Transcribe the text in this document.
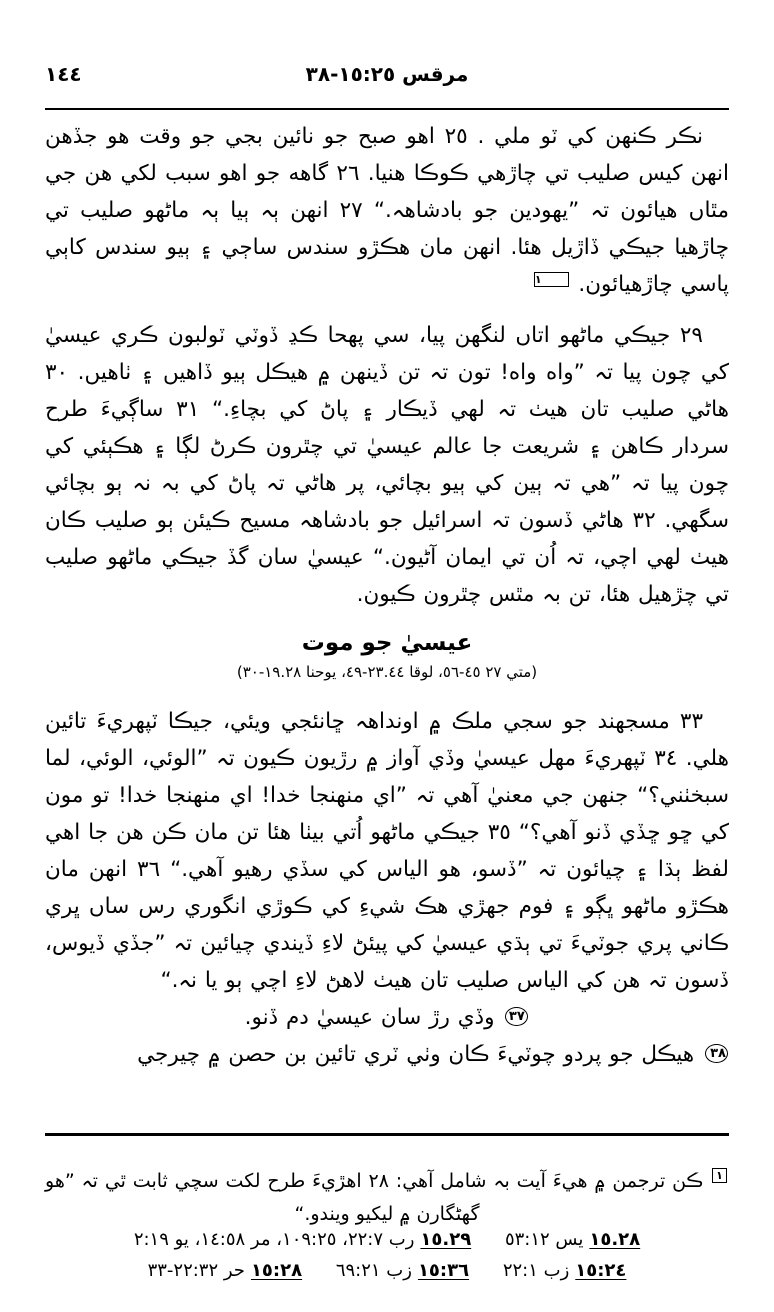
١٤٤	مرقس ١٥:٢٥-٣٨

نڪر ڪنهن کي ٽو ملي . ٢٥ اهو صبح جو نائين بجي جو وقت هو جڏهن انهن کيس صليب تي چاڙهي ڪوڪا هنيا. ٢٦ گاهه جو اهو سبب لکي هن جي مٿاں هيائون تہ ”يهودين جو بادشاهہ.“ ٢٧ انهن ٻہ ٻيا ٻہ ماڻهو صليب تي چاڙهيا جيڪي ڏاڙيل هئا. انهن مان هڪڙو سندس ساڄي ۽ ٻيو سندس کاٻي پاسي چاڙهيائون. ١

٢٩ جيڪي ماڻهو اتاں لنگهن پيا، سي پهحا ڪڍ ڏوٽي ٽولبون ڪري عيسيٰ کي چون پيا تہ ”واه واه! تون تہ تن ڏينهن ۾ هيڪل ٻيو ڏاهيں ۽ ٺاهيں. ٣٠ هاڻي صليب تان هيٺ تہ لهي ڏيڪار ۽ پاڻ کي بچاءِ.“ ٣١ ساڳيءَ طرح سردار ڪاهن ۽ شريعت جا عالم عيسيٰ تي چٿرون ڪرڻ لڳا ۽ هڪٻئي کي چون پيا تہ ”هي تہ ٻين کي ٻيو بچائي، پر هاڻي تہ پاڻ کي بہ نہ ٻو بچائي سگهي. ٣٢ هاڻي ڏسون تہ اسرائيل جو بادشاهہ مسيح ڪيئن ٻو صليب ڪان هيٺ لهي اچي، تہ اُن تي ايمان آڻيون.“ عيسيٰ سان گڏ جيڪي ماڻهو صليب تي چڙهيل هئا، تن بہ مٿس چٿرون ڪيون.

عيسيٰ جو موت
(متي ٢٧ ٤٥-٥٦، لوقا ٢٣.٤٤-٤٩، يوحنا ١٩.٢٨-٣٠)

٣٣ مسجهند جو سجي ملڪ ۾ اونداهہ ڇانئجي ويئي، جيڪا ٽپهريءَ تائين هلي. ٣٤ ٽپهريءَ مهل عيسيٰ وڏي آواز ۾ رڙيون ڪيون تہ ”الوئي، الوئي، لما سبخٺني؟“ جنهن جي معنيٰ آهي تہ ”اي منهنجا خدا! اي منهنجا خدا! تو مون کي ڇو ڇڏي ڏنو آهي؟“ ٣٥ جيڪي ماڻهو اُتي بيٺا هئا تن مان ڪن هن جا اهي لفظ ٻڌا ۽ چيائون تہ ”ڏسو، هو الياس کي سڏي رهيو آهي.“ ٣٦ انهن مان هڪڙو ماڻهو ڀڳو ۽ فوم جهڙي هڪ شيءِ کي ڪوڙي انگوري رس ساں ڀري ڪاني پري جوٽيءَ تي ٻڌي عيسيٰ کي پيئڻ لاءِ ڏيندي چيائين تہ ”جڏي ڏيوس، ڏسون تہ هن کي الياس صليب تان هيٺ لاهڻ لاءِ اچي ٻو يا نہ.“

٣٧ وڏي رڙ سان عيسيٰ دم ڏنو.

٣٨ هيڪل جو پردو چوٽيءَ ڪان وٺي ٽري تائين بن حصن ۾ چيرجي

١ ڪن ترجمن ۾ هيءَ آيت بہ شامل آهي: ٢٨ اهڙيءَ طرح لکت سچي ثابت ٿي تہ ”هو گهڻگارن ۾ ليکيو ويندو.“

١٥.٢٨يس ٥٣:١٢ ١٥.٢٩رب ٢٢:٧، ١٠٩:٢٥، مر ١٤:٥٨، يو ٢:١٩
١٥:٢٤زب ٢٢:١ ١٥:٣٦زب ٦٩:٢١ ١٥:٢٨حر ٢٢:٣٢-٣٣
